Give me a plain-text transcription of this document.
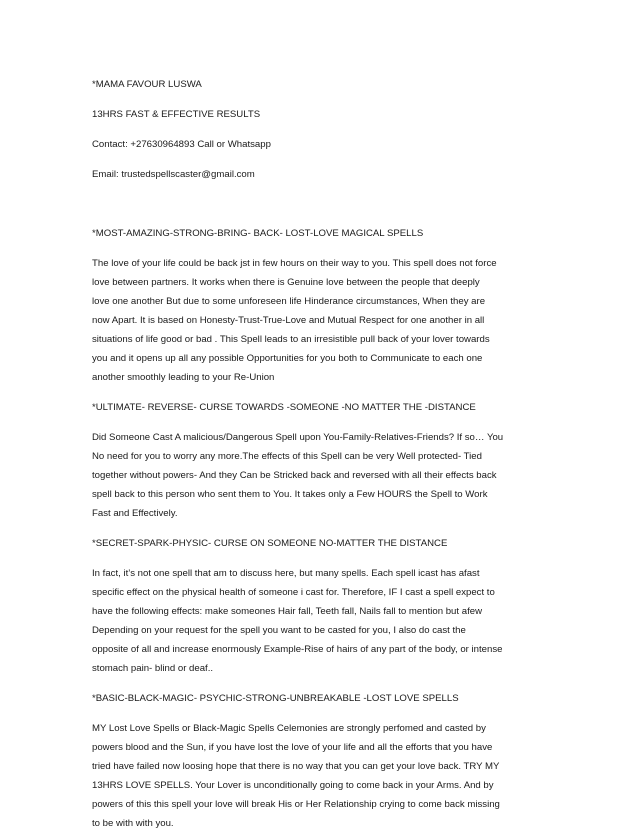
*MAMA FAVOUR LUSWA
13HRS FAST & EFFECTIVE RESULTS
Contact: +27630964893 Call or Whatsapp
Email: trustedspellscaster@gmail.com
*MOST-AMAZING-STRONG-BRING- BACK- LOST-LOVE MAGICAL SPELLS
The love of your life could be back jst in few hours on their way to you. This spell does not force
love between partners. It works when there is Genuine love between the people that deeply
love one another But due to some unforeseen life Hinderance circumstances, When they are
now Apart. It is based on Honesty-Trust-True-Love and Mutual Respect for one another in all
situations of life good or bad . This Spell leads to an irresistible pull back of your lover towards
you and it opens up all any possible Opportunities for you both to Communicate to each one
another smoothly leading to your Re-Union
*ULTIMATE- REVERSE- CURSE TOWARDS -SOMEONE -NO MATTER THE -DISTANCE
Did Someone Cast A malicious/Dangerous Spell upon You-Family-Relatives-Friends? If so… You
No need for you to worry any more.The effects of this Spell can be very Well protected- Tied
together without powers- And they Can be Stricked back and reversed with all their effects back
spell back to this person who sent them to You. It takes only a Few HOURS the Spell to Work
Fast and Effectively.
*SECRET-SPARK-PHYSIC- CURSE ON SOMEONE NO-MATTER THE DISTANCE
In fact, it’s not one spell that am to discuss here, but many spells. Each spell icast has afast
specific effect on the physical health of someone i cast for. Therefore, IF I cast a spell expect to
have the following effects: make someones Hair fall, Teeth fall, Nails fall to mention but afew
Depending on your request for the spell you want to be casted for you, I also do cast the
opposite of all and increase enormously Example-Rise of hairs of any part of the body, or intense
stomach pain- blind or deaf..
*BASIC-BLACK-MAGIC- PSYCHIC-STRONG-UNBREAKABLE -LOST LOVE SPELLS
MY Lost Love Spells or Black-Magic Spells Celemonies are strongly perfomed and casted by
powers blood and the Sun, if you have lost the love of your life and all the efforts that you have
tried have failed now loosing hope that there is no way that you can get your love back. TRY MY
13HRS LOVE SPELLS. Your Lover is unconditionally going to come back in your Arms. And by
powers of this this spell your love will break His or Her Relationship crying to come back missing
to be with with you.
